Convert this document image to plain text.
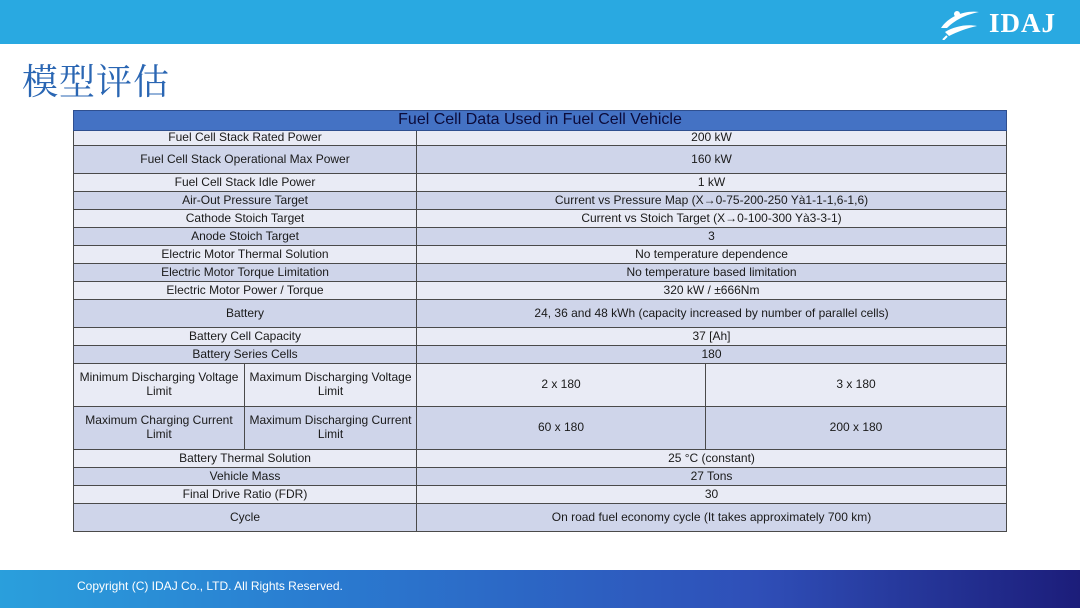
IDAJ
模型评估
Fuel Cell Data Used in Fuel Cell Vehicle			
Fuel Cell Stack Rated Power		200 kW	
Fuel Cell Stack Operational Max Power		160 kW	
Fuel Cell Stack Idle Power		1 kW	
Air-Out Pressure Target		Current vs Pressure Map (X→0-75-200-250 Yà1-1-1,6-1,6)	
Cathode Stoich Target		Current vs Stoich Target (X→0-100-300 Yà3-3-1)	
Anode Stoich Target		3	
Electric Motor Thermal Solution		No temperature dependence	
Electric Motor Torque Limitation		No temperature based limitation	
Electric Motor Power / Torque		320 kW / ±666Nm	
Battery		24, 36 and 48 kWh (capacity increased by number of parallel cells)	
Battery Cell Capacity		37 [Ah]	
Battery Series Cells		180	
Minimum Discharging Voltage Limit	Maximum Discharging Voltage Limit	2 x 180	3 x 180
Maximum Charging Current Limit	Maximum Discharging Current Limit	60 x 180	200 x 180
Battery Thermal Solution		25 °C (constant)	
Vehicle Mass		27 Tons	
Final Drive Ratio (FDR)		30	
Cycle		On road fuel economy cycle (It takes approximately 700 km)	
Copyright (C) IDAJ Co., LTD. All Rights Reserved.
